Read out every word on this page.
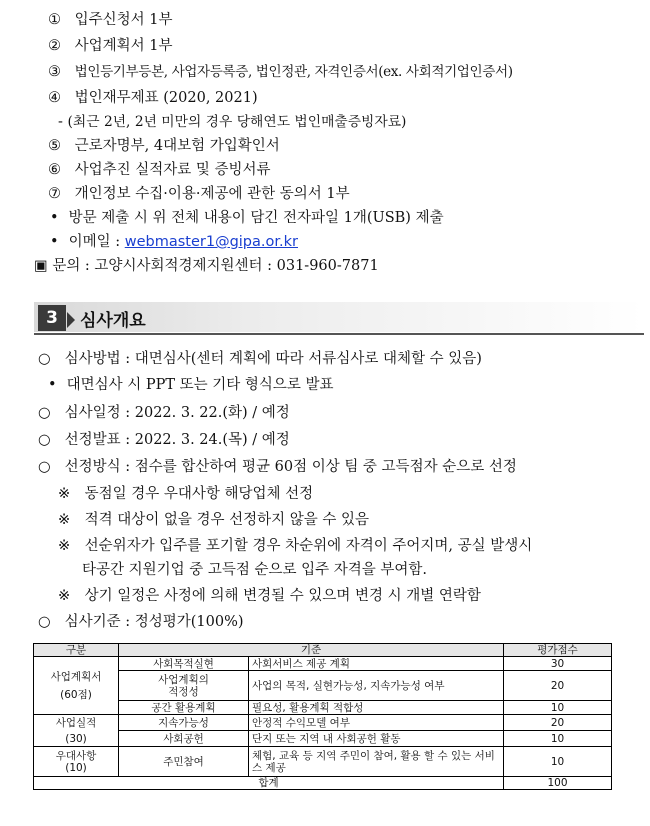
① 입주신청서 1부
② 사업계획서 1부
③ 법인등기부등본, 사업자등록증, 법인정관, 자격인증서(ex. 사회적기업인증서)
④ 법인재무제표 (2020, 2021)
- (최근 2년, 2년 미만의 경우 당해연도 법인매출증빙자료)
⑤ 근로자명부, 4대보험 가입확인서
⑥ 사업추진 실적자료 및 증빙서류
⑦ 개인정보 수집·이용·제공에 관한 동의서 1부
• 방문 제출 시 위 전체 내용이 담긴 전자파일 1개(USB) 제출
• 이메일 : webmaster1@gipa.or.kr
▣ 문의 : 고양시사회적경제지원센터 : 031-960-7871
3	심사개요
○ 심사방법 : 대면심사(센터 계획에 따라 서류심사로 대체할 수 있음)
• 대면심사 시 PPT 또는 기타 형식으로 발표
○ 심사일정 : 2022. 3. 22.(화) / 예정
○ 선정발표 : 2022. 3. 24.(목) / 예정
○ 선정방식 : 점수를 합산하여 평균 60점 이상 팀 중 고득점자 순으로 선정
※ 동점일 경우 우대사항 해당업체 선정
※ 적격 대상이 없을 경우 선정하지 않을 수 있음
※ 선순위자가 입주를 포기할 경우 차순위에 자격이 주어지며, 공실 발생시
타공간 지원기업 중 고득점 순으로 입주 자격을 부여함.
※ 상기 일정은 사정에 의해 변경될 수 있으며 변경 시 개별 연락함
○ 심사기준 : 정성평가(100%)
구분	기준		평가점수

사업계획서
(60점)	사회목적실현	사회서비스 제공 계획	30

	사업계획의 적정성	사업의 목적, 실현가능성, 지속가능성 여부	20
	공간 활용계획	필요성, 활용계획 적합성	10

사업실적
(30)	지속가능성	안정적 수익모델 여부	20
	사회공헌	단지 또는 지역 내 사회공헌 활동	10

우대사항
(10)	주민참여	체험, 교육 등 지역 주민이 참여, 활용 할 수 있는 서비스 제공	10
합계			100
